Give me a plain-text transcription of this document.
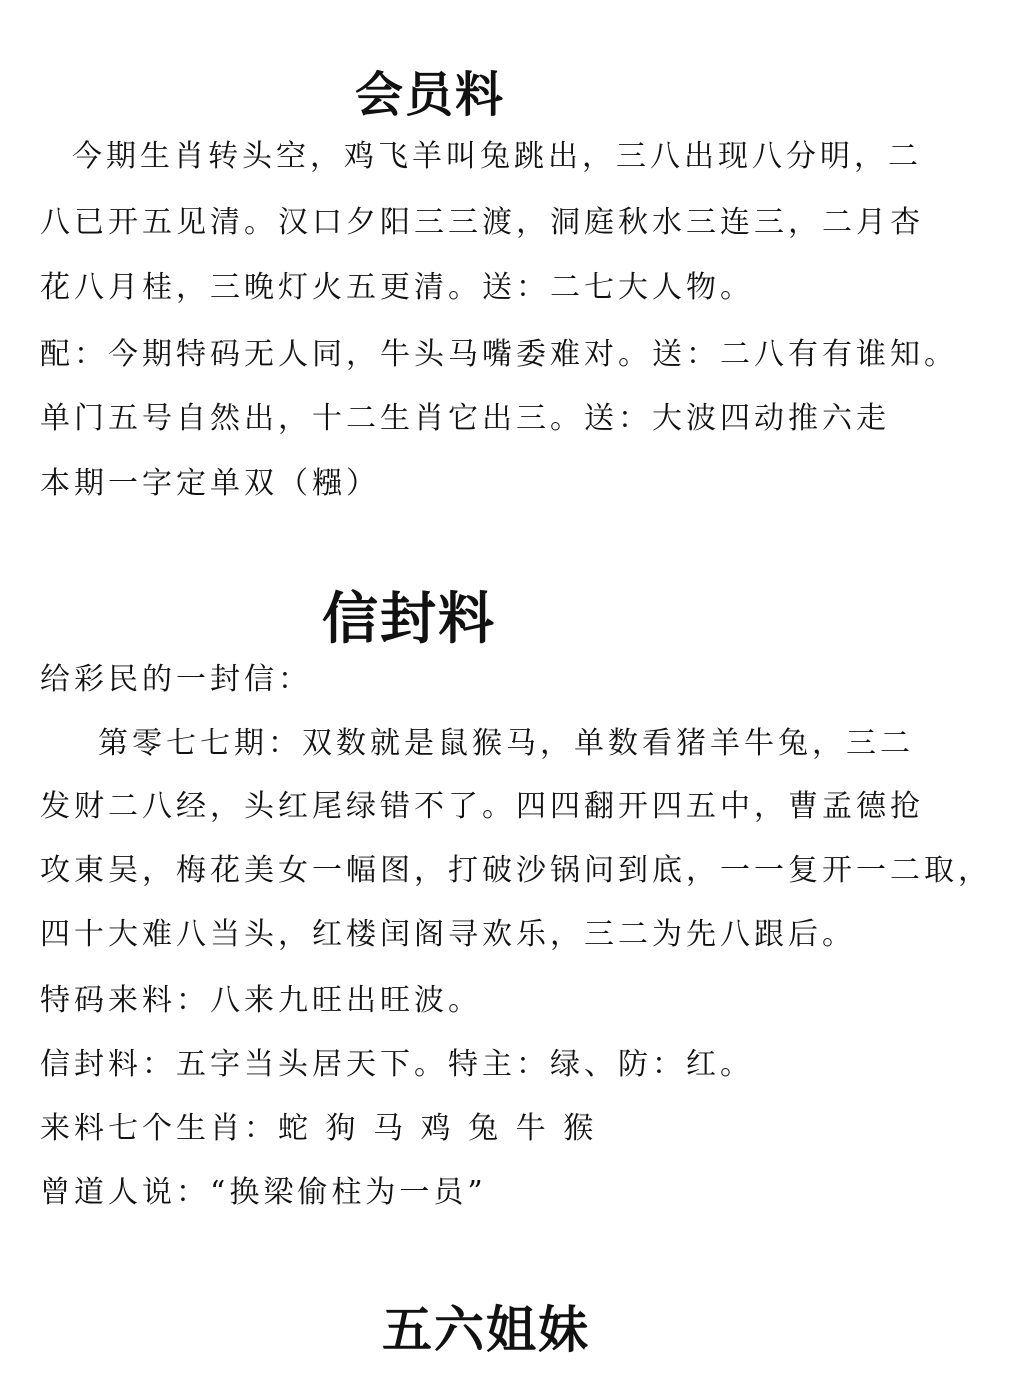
会员料

今期生肖转头空，鸡飞羊叫兔跳出，三八出现八分明，二

八已开五见清。汉口夕阳三三渡，洞庭秋水三连三，二月杏

花八月桂，三晚灯火五更清。送：二七大人物。

配：今期特码无人同，牛头马嘴委难对。送：二八有有谁知。

单门五号自然出，十二生肖它出三。送：大波四动推六走

本期一字定单双（糨）

信封料

给彩民的一封信：

第零七七期：双数就是鼠猴马，单数看猪羊牛兔，三二

发财二八经，头红尾绿错不了。四四翻开四五中，曹孟德抢

攻東吴，梅花美女一幅图，打破沙锅问到底，一一复开一二取，

四十大难八当头，红楼闰阁寻欢乐，三二为先八跟后。

特码来料：八来九旺出旺波。

信封料：五字当头居天下。特主：绿、防：红。

来料七个生肖：蛇 狗 马 鸡 兔 牛 猴

曾道人说：“换梁偷柱为一员”

五六姐妹
